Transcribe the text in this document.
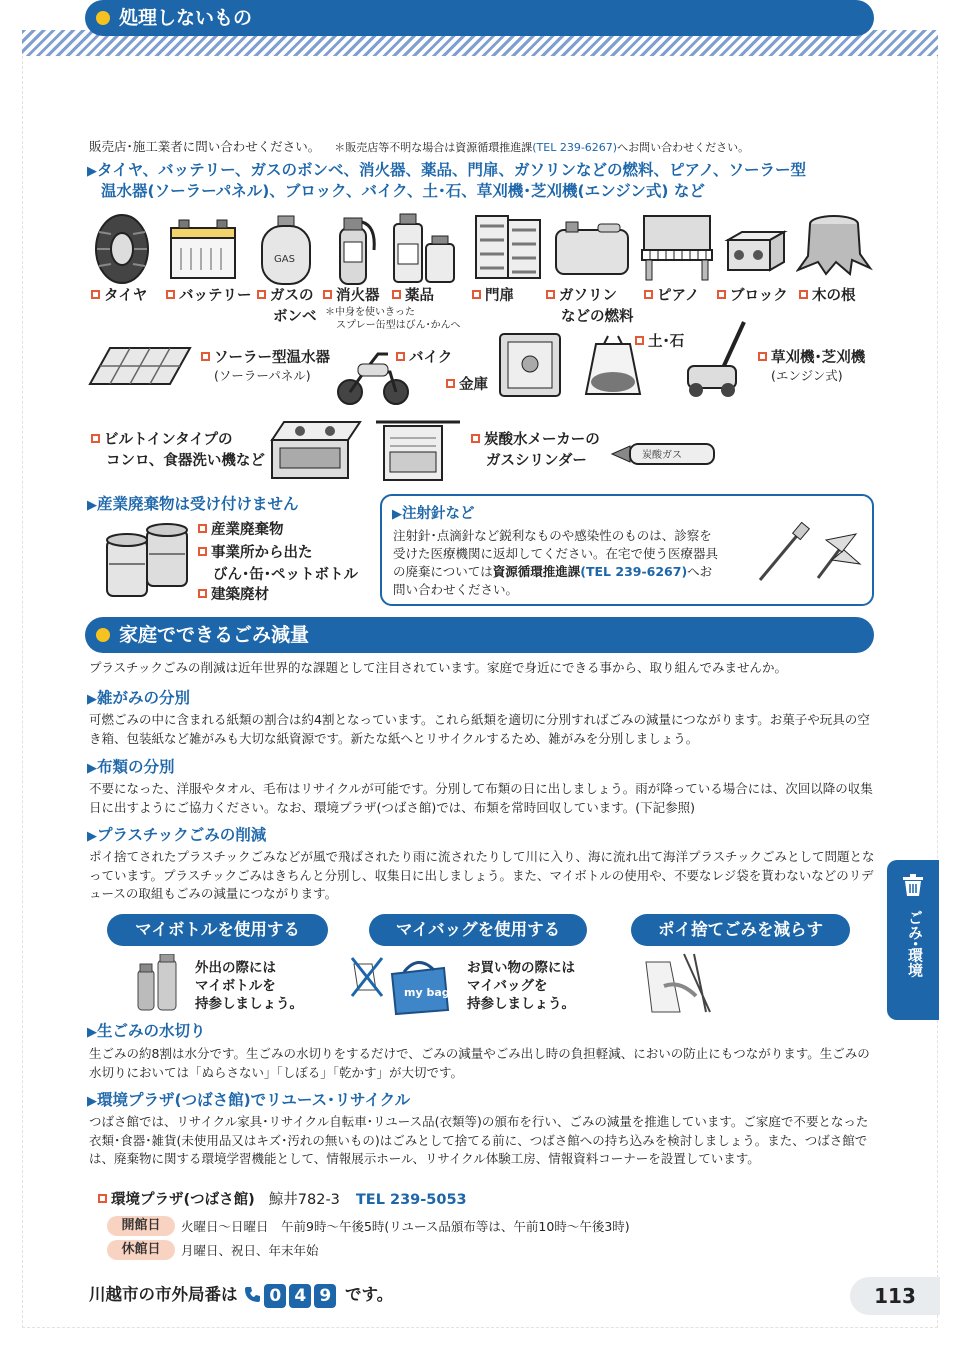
処理しないもの
販売店･施工業者に問い合わせください。 ＊販売店等不明な場合は資源循環推進課(TEL 239-6267)へお問い合わせください。
▶タイヤ、バッテリー、ガスのボンベ、消火器、薬品、門扉、ガソリンなどの燃料、ピアノ、ソーラー型
温水器(ソーラーパネル)、ブロック、バイク、土･石、草刈機･芝刈機(エンジン式) など
GAS
タイヤ	バッテリー	ガスの
ボンベ
消火器
＊中身を使いきった
スプレー缶型はびん･かんへ
薬品	門扉	ガソリン
などの燃料
ピアノ	ブロック	木の根
ソーラー型温水器
(ソーラーパネル)
バイク
金庫
土･石
草刈機･芝刈機
(エンジン式)
ビルトインタイプの
コンロ、食器洗い機など
炭酸水メーカーの
ガスシリンダー	炭酸ガス
▶産業廃棄物は受け付けません
産業廃棄物
事業所から出た
びん･缶･ペットボトル
建築廃材
▶注射針など
注射針･点滴針など鋭利なものや感染性のものは、診察を
受けた医療機関に返却してください。在宅で使う医療器具
の廃棄については資源循環推進課(TEL 239-6267)へお
問い合わせください。
家庭でできるごみ減量
プラスチックごみの削減は近年世界的な課題として注目されています。家庭で身近にできる事から、取り組んでみませんか。
▶雑がみの分別
可燃ごみの中に含まれる紙類の割合は約4割となっています。これら紙類を適切に分別すればごみの減量につながります。お菓子や玩具の空き箱、包装紙など雑がみも大切な紙資源です。新たな紙へとリサイクルするため、雑がみを分別しましょう。
▶布類の分別
不要になった、洋服やタオル、毛布はリサイクルが可能です。分別して布類の日に出しましょう。雨が降っている場合には、次回以降の収集日に出すようにご協力ください。なお、環境プラザ(つばさ館)では、布類を常時回収しています。(下記参照)
▶プラスチックごみの削減
ポイ捨てされたプラスチックごみなどが風で飛ばされたり雨に流されたりして川に入り、海に流れ出て海洋プラスチックごみとして問題となっています。プラスチックごみはきちんと分別し、収集日に出しましょう。また、マイボトルの使用や、不要なレジ袋を貰わないなどのリデュースの取組もごみの減量につながります。
マイボトルを使用する	マイバッグを使用する	ポイ捨てごみを減らす
外出の際には
マイボトルを
持参しましょう。
my bag
お買い物の際には
マイバッグを
持参しましょう。
▶生ごみの水切り
生ごみの約8割は水分です。生ごみの水切りをするだけで、ごみの減量やごみ出し時の負担軽減、においの防止にもつながります。生ごみの水切りにおいては「ぬらさない」「しぼる」「乾かす」が大切です。
▶環境プラザ(つばさ館)でリユース･リサイクル
つばさ館では、リサイクル家具･リサイクル自転車･リユース品(衣類等)の頒布を行い、ごみの減量を推進しています。ご家庭で不要となった衣類･食器･雑貨(未使用品又はキズ･汚れの無いもの)はごみとして捨てる前に、つばさ館への持ち込みを検討しましょう。また、つばさ館では、廃棄物に関する環境学習機能として、情報展示ホール、リサイクル体験工房、情報資料コーナーを設置しています。
環境プラザ(つばさ館) 鯨井782-3 TEL 239-5053
開館日	火曜日～日曜日　午前9時～午後5時(リユース品頒布等は、午前10時～午後3時)
休館日	月曜日、祝日、年末年始
ごみ･環境
川越市の市外局番は 0 4 9 です。	113
